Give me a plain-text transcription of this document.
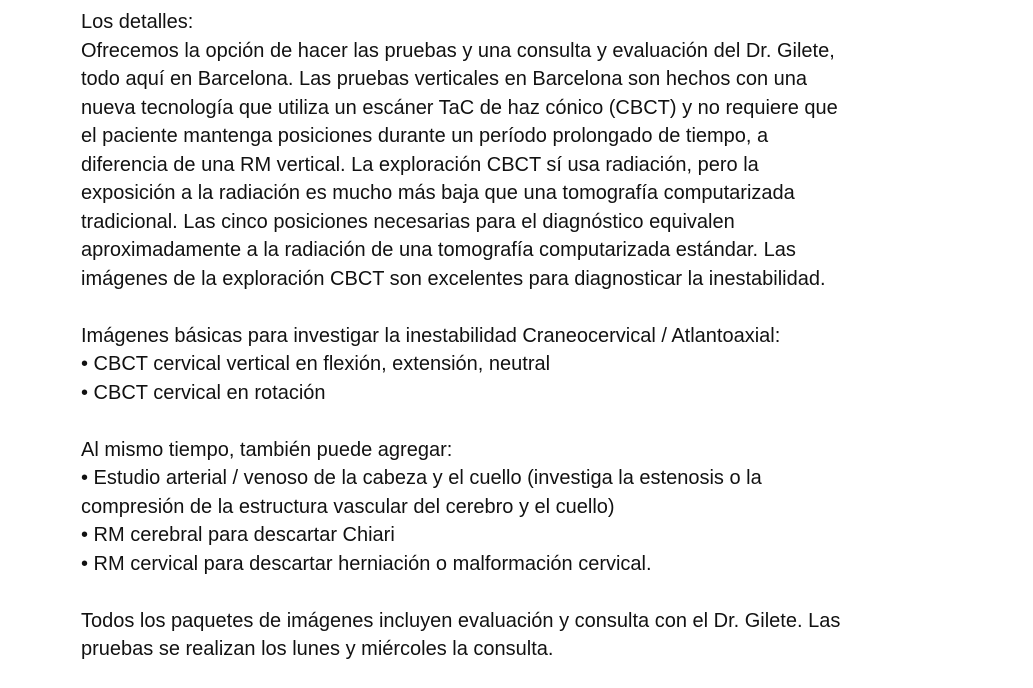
Los detalles:
Ofrecemos la opción de hacer las pruebas y una consulta y evaluación del Dr. Gilete,
todo aquí en Barcelona. Las pruebas verticales en Barcelona son hechos con una
nueva tecnología que utiliza un escáner TaC de haz cónico (CBCT) y no requiere que
el paciente mantenga posiciones durante un período prolongado de tiempo, a
diferencia de una RM vertical. La exploración CBCT sí usa radiación, pero la
exposición a la radiación es mucho más baja que una tomografía computarizada
tradicional. Las cinco posiciones necesarias para el diagnóstico equivalen
aproximadamente a la radiación de una tomografía computarizada estándar. Las
imágenes de la exploración CBCT son excelentes para diagnosticar la inestabilidad.
Imágenes básicas para investigar la inestabilidad Craneocervical / Atlantoaxial:
• CBCT cervical vertical en flexión, extensión, neutral
• CBCT cervical en rotación
Al mismo tiempo, también puede agregar:
• Estudio arterial / venoso de la cabeza y el cuello (investiga la estenosis o la
compresión de la estructura vascular del cerebro y el cuello)
• RM cerebral para descartar Chiari
• RM cervical para descartar herniación o malformación cervical.
Todos los paquetes de imágenes incluyen evaluación y consulta con el Dr. Gilete. Las
pruebas se realizan los lunes y miércoles la consulta.
